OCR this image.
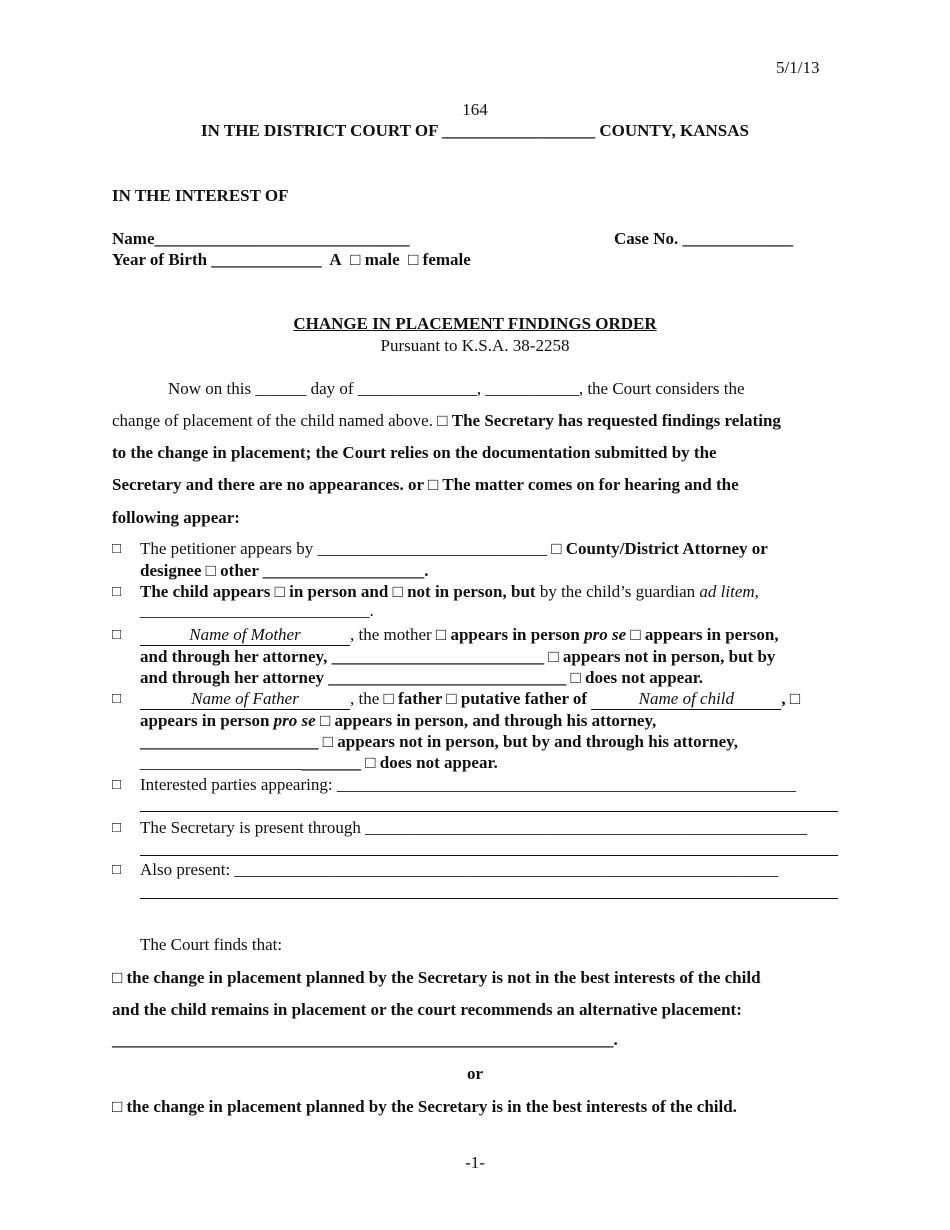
5/1/13
164
IN THE DISTRICT COURT OF __________________ COUNTY, KANSAS
IN THE INTEREST OF
Name______________________________	Case No. _____________
Year of Birth _____________ A □ male □ female
CHANGE IN PLACEMENT FINDINGS ORDER
Pursuant to K.S.A. 38-2258
Now on this ______ day of ______________, ___________, the Court considers the
change of placement of the child named above. □ The Secretary has requested findings relating
to the change in placement; the Court relies on the documentation submitted by the
Secretary and there are no appearances. or □ The matter comes on for hearing and the
following appear:
□ The petitioner appears by ___________________________ □ County/District Attorney or
designee □ other ___________________.
□ The child appears □ in person and □ not in person, but by the child’s guardian ad litem,
___________________________.
□	Name of Mother	, the mother □ appears in person pro se □ appears in person,
and through her attorney, _________________________ □ appears not in person, but by
and through her attorney ____________________________ □ does not appear.
□	Name of Father	, the □ father □ putative father of	Name of child	, □
appears in person pro se □ appears in person, and through his attorney,
_____________________ □ appears not in person, but by and through his attorney,
__________________________ □ does not appear.
□ Interested parties appearing: ______________________________________________________
□ The Secretary is present through ____________________________________________________
□ Also present: ________________________________________________________________
The Court finds that:
□ the change in placement planned by the Secretary is not in the best interests of the child
and the child remains in placement or the court recommends an alternative placement:
___________________________________________________________.
or
□ the change in placement planned by the Secretary is in the best interests of the child.
-1-
